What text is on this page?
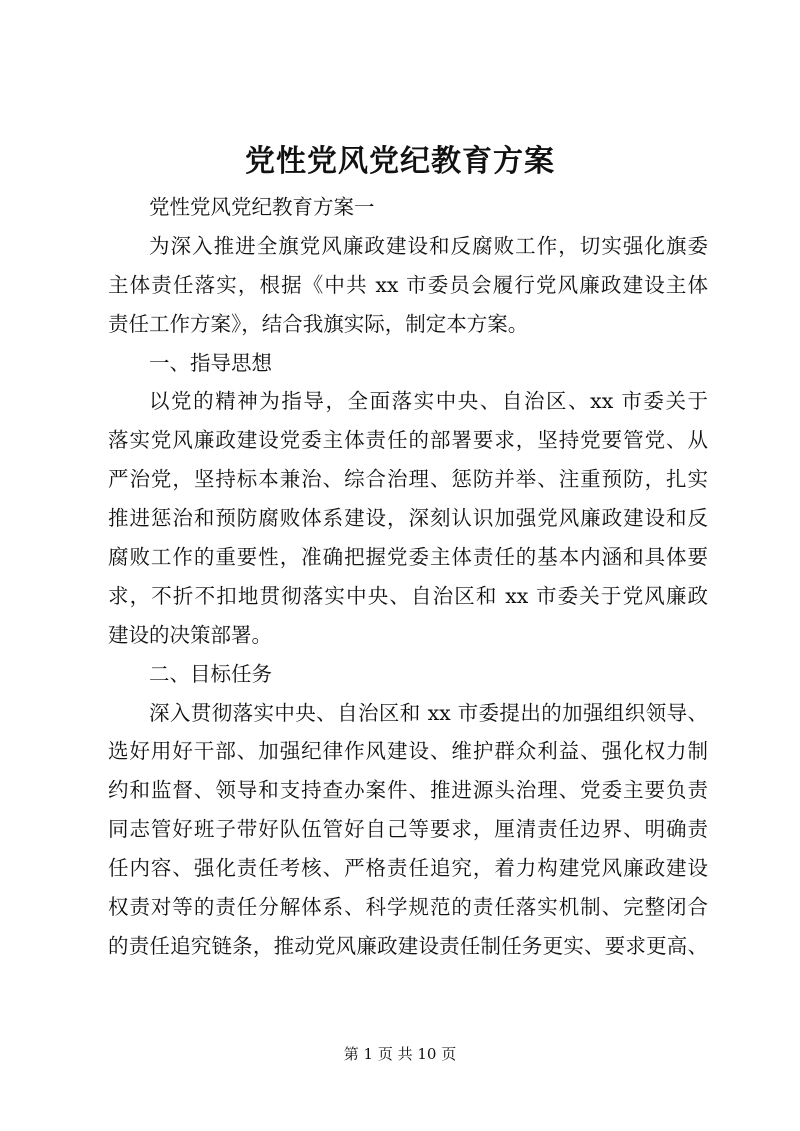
党性党风党纪教育方案
党性党风党纪教育方案一
为深入推进全旗党风廉政建设和反腐败工作，切实强化旗委
主体责任落实，根据《中共 xx 市委员会履行党风廉政建设主体
责任工作方案》，结合我旗实际，制定本方案。
一、指导思想
以党的精神为指导，全面落实中央、自治区、xx 市委关于
落实党风廉政建设党委主体责任的部署要求，坚持党要管党、从
严治党，坚持标本兼治、综合治理、惩防并举、注重预防，扎实
推进惩治和预防腐败体系建设，深刻认识加强党风廉政建设和反
腐败工作的重要性，准确把握党委主体责任的基本内涵和具体要
求，不折不扣地贯彻落实中央、自治区和 xx 市委关于党风廉政
建设的决策部署。
二、目标任务
深入贯彻落实中央、自治区和 xx 市委提出的加强组织领导、
选好用好干部、加强纪律作风建设、维护群众利益、强化权力制
约和监督、领导和支持查办案件、推进源头治理、党委主要负责
同志管好班子带好队伍管好自己等要求，厘清责任边界、明确责
任内容、强化责任考核、严格责任追究，着力构建党风廉政建设
权责对等的责任分解体系、科学规范的责任落实机制、完整闭合
的责任追究链条，推动党风廉政建设责任制任务更实、要求更高、
第 1 页 共 10 页
